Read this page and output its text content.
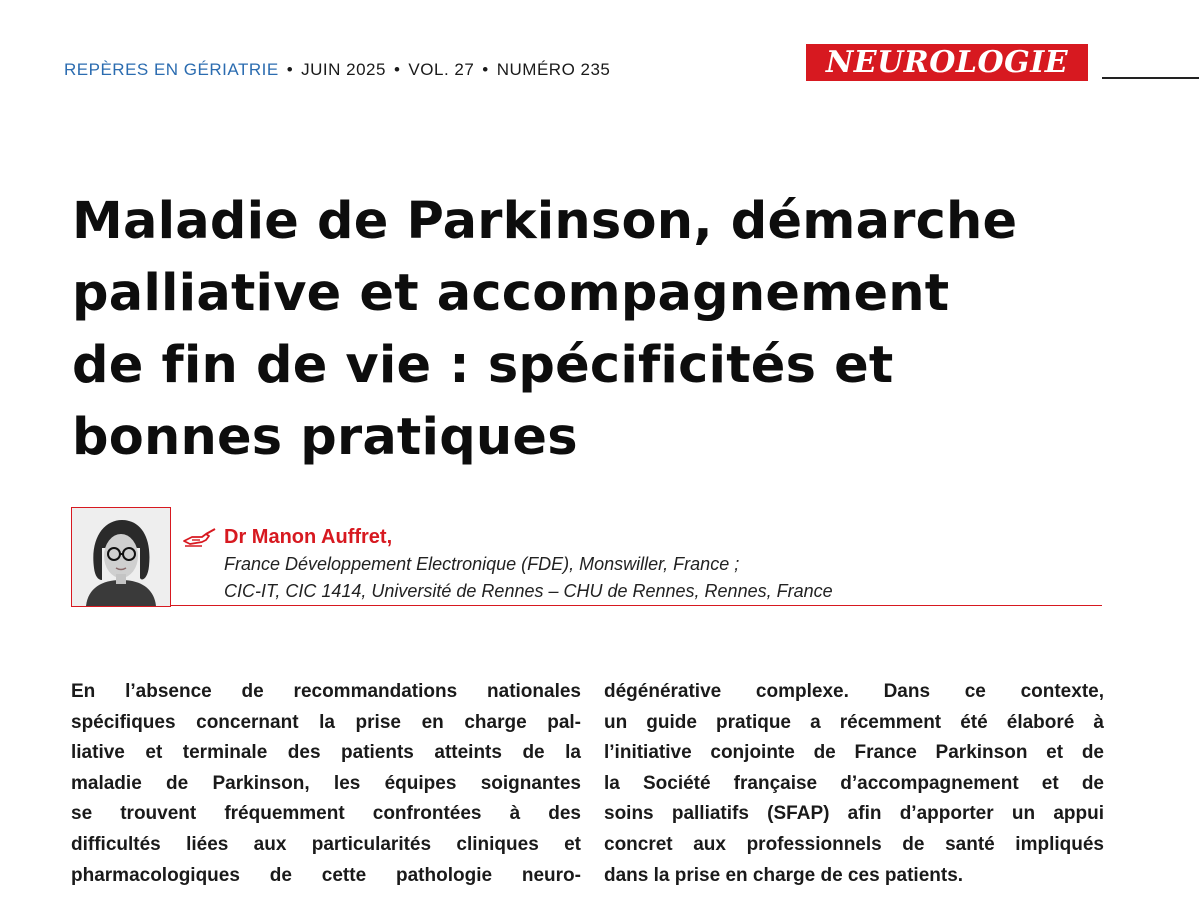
REPÈRES EN GÉRIATRIE • JUIN 2025 • VOL. 27 • NUMÉRO 235	NEUROLOGIE
Maladie de Parkinson, démarche
palliative et accompagnement
de fin de vie : spécificités et
bonnes pratiques
Dr Manon Auffret,
France Développement Electronique (FDE), Monswiller, France ;
CIC-IT, CIC 1414, Université de Rennes – CHU de Rennes, Rennes, France
En l’absence de recommandations nationales
spécifiques concernant la prise en charge pal-
liative et terminale des patients atteints de la
maladie de Parkinson, les équipes soignantes
se trouvent fréquemment confrontées à des
difficultés liées aux particularités cliniques et
pharmacologiques de cette pathologie neuro-
dégénérative complexe. Dans ce contexte,
un guide pratique a récemment été élaboré à
l’initiative conjointe de France Parkinson et de
la Société française d’accompagnement et de
soins palliatifs (SFAP) afin d’apporter un appui
concret aux professionnels de santé impliqués
dans la prise en charge de ces patients.
